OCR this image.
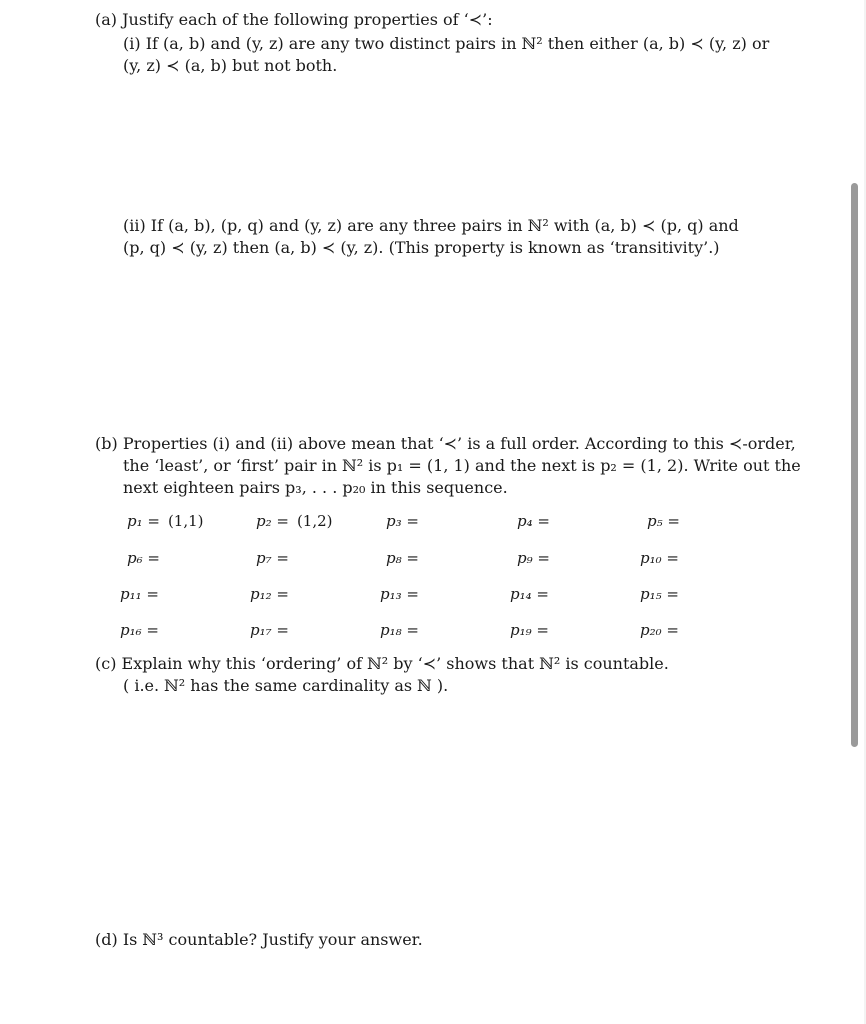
(a) Justify each of the following properties of ‘≺’:
(i) If (a, b) and (y, z) are any two distinct pairs in ℕ² then either (a, b) ≺ (y, z) or
(y, z) ≺ (a, b) but not both.
(ii) If (a, b), (p, q) and (y, z) are any three pairs in ℕ² with (a, b) ≺ (p, q) and
(p, q) ≺ (y, z) then (a, b) ≺ (y, z). (This property is known as ‘transitivity’.)
(b) Properties (i) and (ii) above mean that ‘≺’ is a full order. According to this ≺-order,
the ‘least’, or ‘first’ pair in ℕ² is p₁ = (1, 1) and the next is p₂ = (1, 2). Write out the
next eighteen pairs p₃, . . . p₂₀ in this sequence.
p₁ = (1,1)	p₂ = (1,2)	p₃ =	p₄ =	p₅ =
p₆ =	p₇ =	p₈ =	p₉ =	p₁₀ =
p₁₁ =	p₁₂ =	p₁₃ =	p₁₄ =	p₁₅ =
p₁₆ =	p₁₇ =	p₁₈ =	p₁₉ =	p₂₀ =
(c) Explain why this ‘ordering’ of ℕ² by ‘≺’ shows that ℕ² is countable.
( i.e. ℕ² has the same cardinality as ℕ ).
(d) Is ℕ³ countable? Justify your answer.
